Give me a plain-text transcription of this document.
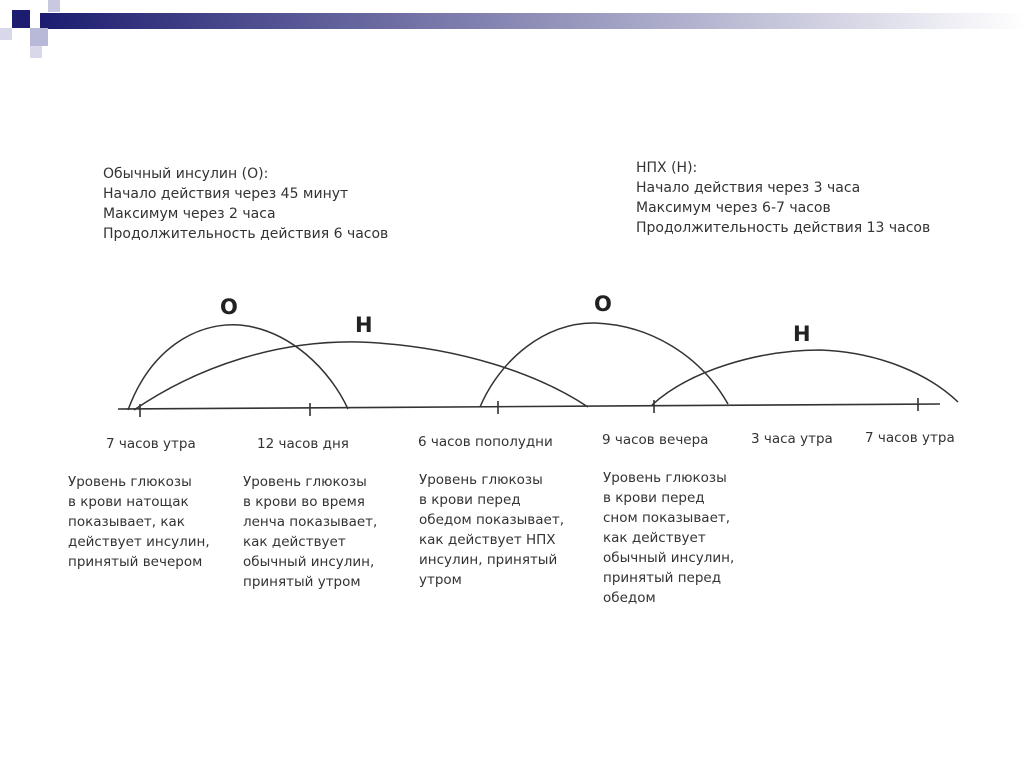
Обычный инсулин (О):
Начало действия через 45 минут
Максимум через 2 часа
Продолжительность действия 6 часов
НПХ (Н):
Начало действия через 3 часа
Максимум через 6-7 часов
Продолжительность действия 13 часов
О
Н
О
Н
7 часов утра	12 часов дня	6 часов пополудни	9 часов вечера	3 часа утра 7 часов утра
Уровень глюкозы
в крови натощак
показывает, как
действует инсулин,
принятый вечером
Уровень глюкозы
в крови во время
ленча показывает,
как действует
обычный инсулин,
принятый утром
Уровень глюкозы
в крови перед
обедом показывает,
как действует НПХ
инсулин, принятый
утром
Уровень глюкозы
в крови перед
сном показывает,
как действует
обычный инсулин,
принятый перед
обедом
